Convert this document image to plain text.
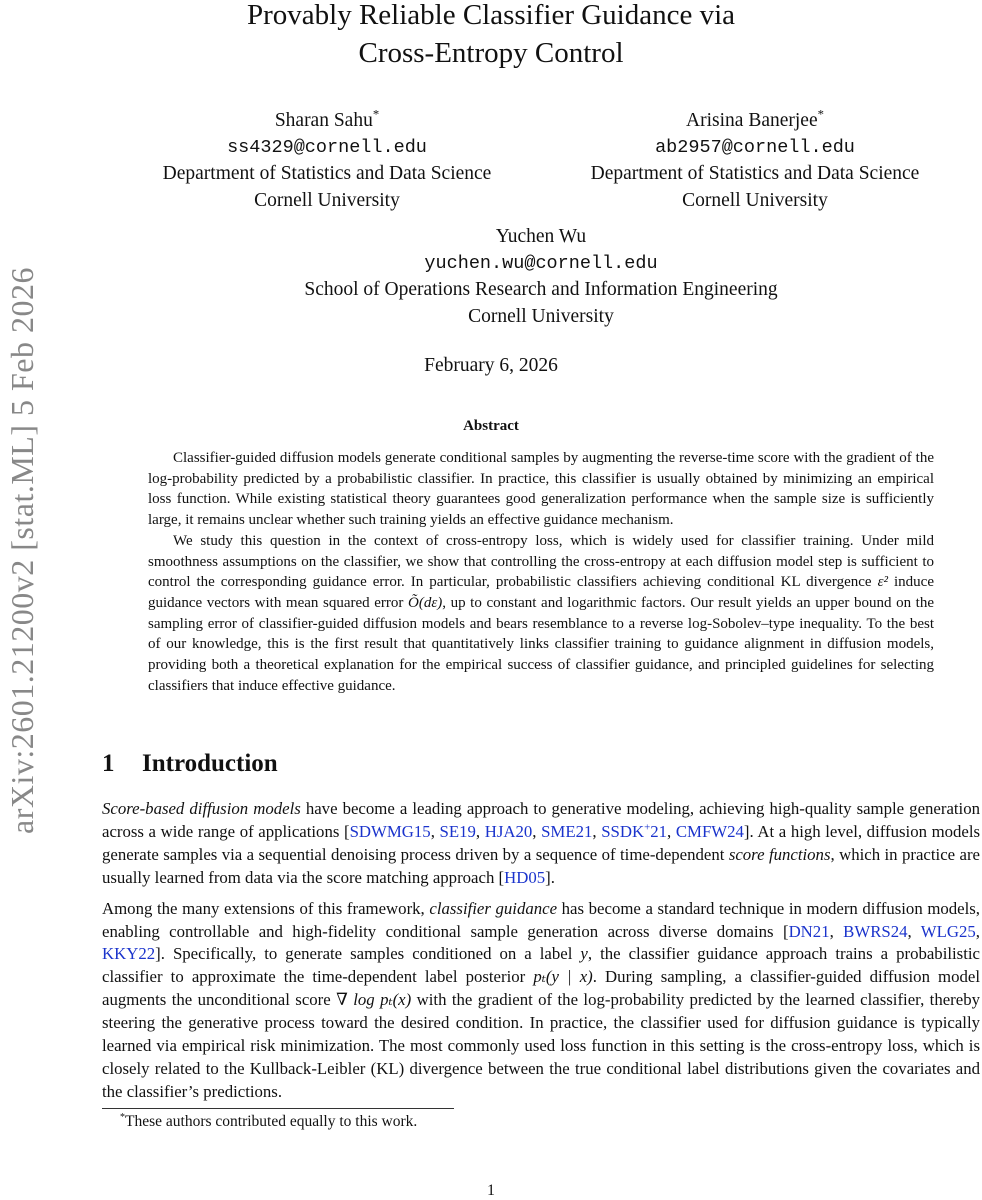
arXiv:2601.21200v2 [stat.ML] 5 Feb 2026
Provably Reliable Classifier Guidance via
Cross-Entropy Control
Sharan Sahu*
ss4329@cornell.edu
Department of Statistics and Data Science
Cornell University
Arisina Banerjee*
ab2957@cornell.edu
Department of Statistics and Data Science
Cornell University
Yuchen Wu
yuchen.wu@cornell.edu
School of Operations Research and Information Engineering
Cornell University
February 6, 2026
Abstract

Classifier-guided diffusion models generate conditional samples by augmenting the reverse-time score with the gradient of the log-probability predicted by a probabilistic classifier. In practice, this classifier is usually obtained by minimizing an empirical loss function. While existing statistical theory guarantees good generalization performance when the sample size is sufficiently large, it remains unclear whether such training yields an effective guidance mechanism.

We study this question in the context of cross-entropy loss, which is widely used for classifier training. Under mild smoothness assumptions on the classifier, we show that controlling the cross-entropy at each diffusion model step is sufficient to control the corresponding guidance error. In particular, probabilistic classifiers achieving conditional KL divergence ε² induce guidance vectors with mean squared error Õ(dε), up to constant and logarithmic factors. Our result yields an upper bound on the sampling error of classifier-guided diffusion models and bears resemblance to a reverse log-Sobolev–type inequality. To the best of our knowledge, this is the first result that quantitatively links classifier training to guidance alignment in diffusion models, providing both a theoretical explanation for the empirical success of classifier guidance, and principled guidelines for selecting classifiers that induce effective guidance.

1 Introduction

Score-based diffusion models have become a leading approach to generative modeling, achieving high-quality sample generation across a wide range of applications [SDWMG15, SE19, HJA20, SME21, SSDK+21, CMFW24]. At a high level, diffusion models generate samples via a sequential denoising process driven by a sequence of time-dependent score functions, which in practice are usually learned from data via the score matching approach [HD05].

Among the many extensions of this framework, classifier guidance has become a standard technique in modern diffusion models, enabling controllable and high-fidelity conditional sample generation across diverse domains [DN21, BWRS24, WLG25, KKY22]. Specifically, to generate samples conditioned on a label y, the classifier guidance approach trains a probabilistic classifier to approximate the time-dependent label posterior pₜ(y | x). During sampling, a classifier-guided diffusion model augments the unconditional score ∇ log pₜ(x) with the gradient of the log-probability predicted by the learned classifier, thereby steering the generative process toward the desired condition. In practice, the classifier used for diffusion guidance is typically learned via empirical risk minimization. The most commonly used loss function in this setting is the cross-entropy loss, which is closely related to the Kullback-Leibler (KL) divergence between the true conditional label distributions given the covariates and the classifier’s predictions.

*These authors contributed equally to this work.
1
